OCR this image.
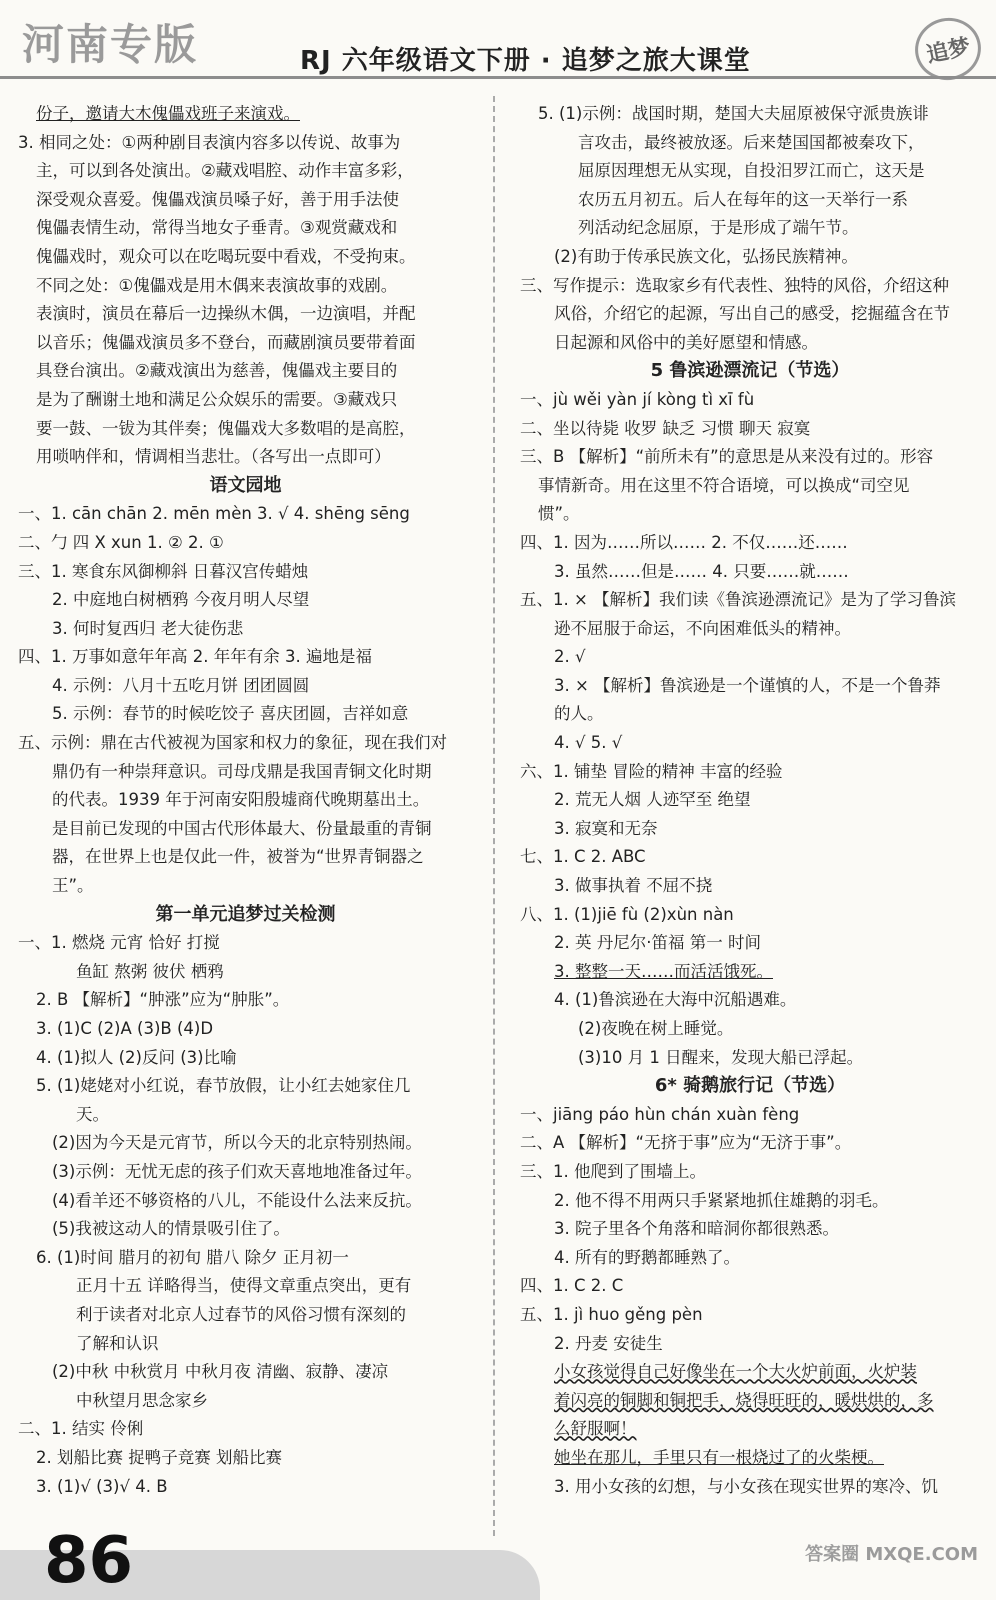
河南专版	RJ 六年级语文下册 · 追梦之旅大课堂	追梦
份子，邀请大木傀儡戏班子来演戏。
3. 相同之处：①两种剧目表演内容多以传说、故事为
主，可以到各处演出。②藏戏唱腔、动作丰富多彩，
深受观众喜爱。傀儡戏演员嗓子好，善于用手法使
傀儡表情生动，常得当地女子垂青。③观赏藏戏和
傀儡戏时，观众可以在吃喝玩耍中看戏，不受拘束。
不同之处：①傀儡戏是用木偶来表演故事的戏剧。
表演时，演员在幕后一边操纵木偶，一边演唱，并配
以音乐；傀儡戏演员多不登台，而藏剧演员要带着面
具登台演出。②藏戏演出为慈善，傀儡戏主要目的
是为了酬谢土地和满足公众娱乐的需要。③藏戏只
要一鼓、一钹为其伴奏；傀儡戏大多数唱的是高腔，
用唢呐伴和，情调相当悲壮。（各写出一点即可）
语文园地
一、1. cān chān 2. mēn mèn 3. √ 4. shēng sēng
二、勹 四 X xun 1. ② 2. ①
三、1. 寒食东风御柳斜 日暮汉宫传蜡烛
2. 中庭地白树栖鸦 今夜月明人尽望
3. 何时复西归 老大徒伤悲
四、1. 万事如意年年高 2. 年年有余 3. 遍地是福
4. 示例：八月十五吃月饼 团团圆圆
5. 示例：春节的时候吃饺子 喜庆团圆，吉祥如意
五、示例：鼎在古代被视为国家和权力的象征，现在我们对
鼎仍有一种崇拜意识。司母戊鼎是我国青铜文化时期
的代表。1939 年于河南安阳殷墟商代晚期墓出土。
是目前已发现的中国古代形体最大、份量最重的青铜
器，在世界上也是仅此一件，被誉为“世界青铜器之
王”。
第一单元追梦过关检测
一、1. 燃烧 元宵 恰好 打搅
鱼缸 熬粥 彼伏 栖鸦
2. B 【解析】“肿涨”应为“肿胀”。
3. (1)C (2)A (3)B (4)D
4. (1)拟人 (2)反问 (3)比喻
5. (1)姥姥对小红说，春节放假，让小红去她家住几
天。
(2)因为今天是元宵节，所以今天的北京特别热闹。
(3)示例：无忧无虑的孩子们欢天喜地地准备过年。
(4)看羊还不够资格的八儿，不能设什么法来反抗。
(5)我被这动人的情景吸引住了。
6. (1)时间 腊月的初旬 腊八 除夕 正月初一
正月十五 详略得当，使得文章重点突出，更有
利于读者对北京人过春节的风俗习惯有深刻的
了解和认识
(2)中秋 中秋赏月 中秋月夜 清幽、寂静、凄凉
中秋望月思念家乡
二、1. 结实 伶俐
2. 划船比赛 捉鸭子竞赛 划船比赛
3. (1)√ (3)√ 4. B
5. (1)示例：战国时期，楚国大夫屈原被保守派贵族诽
言攻击，最终被放逐。后来楚国国都被秦攻下，
屈原因理想无从实现，自投汨罗江而亡，这天是
农历五月初五。后人在每年的这一天举行一系
列活动纪念屈原，于是形成了端午节。
(2)有助于传承民族文化，弘扬民族精神。
三、写作提示：选取家乡有代表性、独特的风俗，介绍这种
风俗，介绍它的起源，写出自己的感受，挖掘蕴含在节
日起源和风俗中的美好愿望和情感。
5 鲁滨逊漂流记（节选）
一、jù wěi yàn jí kòng tì xī fù
二、坐以待毙 收罗 缺乏 习惯 聊天 寂寞
三、B 【解析】“前所未有”的意思是从来没有过的。形容
事情新奇。用在这里不符合语境，可以换成“司空见
惯”。
四、1. 因为……所以…… 2. 不仅……还……
3. 虽然……但是…… 4. 只要……就……
五、1. × 【解析】我们读《鲁滨逊漂流记》是为了学习鲁滨
逊不屈服于命运，不向困难低头的精神。
2. √
3. × 【解析】鲁滨逊是一个谨慎的人，不是一个鲁莽
的人。
4. √ 5. √
六、1. 铺垫 冒险的精神 丰富的经验
2. 荒无人烟 人迹罕至 绝望
3. 寂寞和无奈
七、1. C 2. ABC
3. 做事执着 不屈不挠
八、1. (1)jiē fù (2)xùn nàn
2. 英 丹尼尔·笛福 第一 时间
3. 整整一天……而活活饿死。
4. (1)鲁滨逊在大海中沉船遇难。
(2)夜晚在树上睡觉。
(3)10 月 1 日醒来，发现大船已浮起。
6* 骑鹅旅行记（节选）
一、jiāng páo hùn chán xuàn fèng
二、A 【解析】“无挤于事”应为“无济于事”。
三、1. 他爬到了围墙上。
2. 他不得不用两只手紧紧地抓住雄鹅的羽毛。
3. 院子里各个角落和暗洞你都很熟悉。
4. 所有的野鹅都睡熟了。
四、1. C 2. C
五、1. jì huo gěng pèn
2. 丹麦 安徒生
小女孩觉得自己好像坐在一个大火炉前面，火炉装
着闪亮的铜脚和铜把手，烧得旺旺的，暖烘烘的，多
么舒服啊！
她坐在那儿，手里只有一根烧过了的火柴梗。
3. 用小女孩的幻想，与小女孩在现实世界的寒冷、饥
86	答案圈 MXQE.COM
